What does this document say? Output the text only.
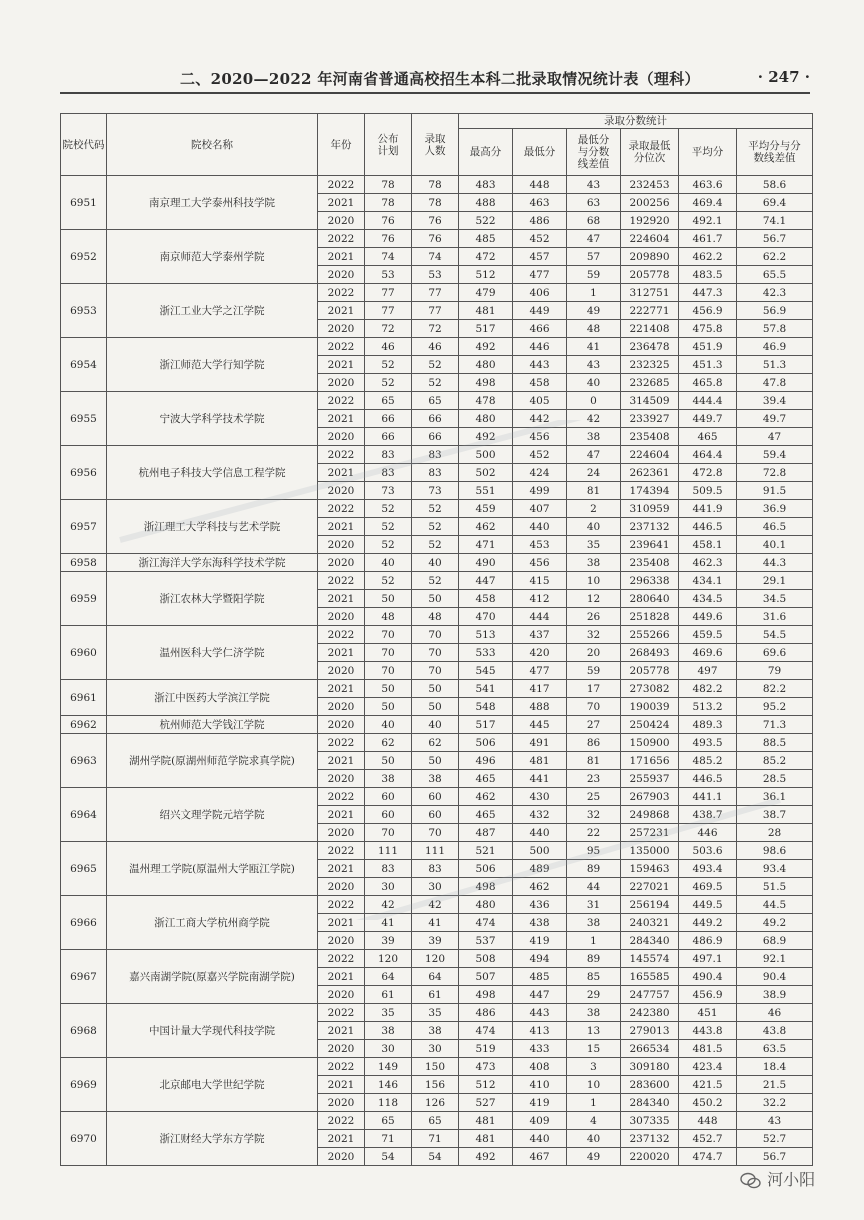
二、2020—2022 年河南省普通高校招生本科二批录取情况统计表（理科）	· 247 ·
院校代码	院校名称	年份	公布计划	录取人数	录取分数统计					
					最高分	最低分	最低分与分数线差值	录取最低分位次	平均分	平均分与分数线差值
6951	南京理工大学泰州科技学院	2022	78	78	483	448	43	232453	463.6	58.6
		2021	78	78	488	463	63	200256	469.4	69.4
		2020	76	76	522	486	68	192920	492.1	74.1
6952	南京师范大学泰州学院	2022	76	76	485	452	47	224604	461.7	56.7
		2021	74	74	472	457	57	209890	462.2	62.2
		2020	53	53	512	477	59	205778	483.5	65.5
6953	浙江工业大学之江学院	2022	77	77	479	406	1	312751	447.3	42.3
		2021	77	77	481	449	49	222771	456.9	56.9
		2020	72	72	517	466	48	221408	475.8	57.8
6954	浙江师范大学行知学院	2022	46	46	492	446	41	236478	451.9	46.9
		2021	52	52	480	443	43	232325	451.3	51.3
		2020	52	52	498	458	40	232685	465.8	47.8
6955	宁波大学科学技术学院	2022	65	65	478	405	0	314509	444.4	39.4
		2021	66	66	480	442	42	233927	449.7	49.7
		2020	66	66	492	456	38	235408	465	47
6956	杭州电子科技大学信息工程学院	2022	83	83	500	452	47	224604	464.4	59.4
		2021	83	83	502	424	24	262361	472.8	72.8
		2020	73	73	551	499	81	174394	509.5	91.5
6957	浙江理工大学科技与艺术学院	2022	52	52	459	407	2	310959	441.9	36.9
		2021	52	52	462	440	40	237132	446.5	46.5
		2020	52	52	471	453	35	239641	458.1	40.1
6958	浙江海洋大学东海科学技术学院	2020	40	40	490	456	38	235408	462.3	44.3
6959	浙江农林大学暨阳学院	2022	52	52	447	415	10	296338	434.1	29.1
		2021	50	50	458	412	12	280640	434.5	34.5
		2020	48	48	470	444	26	251828	449.6	31.6
6960	温州医科大学仁济学院	2022	70	70	513	437	32	255266	459.5	54.5
		2021	70	70	533	420	20	268493	469.6	69.6
		2020	70	70	545	477	59	205778	497	79
6961	浙江中医药大学滨江学院	2021	50	50	541	417	17	273082	482.2	82.2
		2020	50	50	548	488	70	190039	513.2	95.2
6962	杭州师范大学钱江学院	2020	40	40	517	445	27	250424	489.3	71.3
6963	湖州学院(原湖州师范学院求真学院)	2022	62	62	506	491	86	150900	493.5	88.5
		2021	50	50	496	481	81	171656	485.2	85.2
		2020	38	38	465	441	23	255937	446.5	28.5
6964	绍兴文理学院元培学院	2022	60	60	462	430	25	267903	441.1	36.1
		2021	60	60	465	432	32	249868	438.7	38.7
		2020	70	70	487	440	22	257231	446	28
6965	温州理工学院(原温州大学瓯江学院)	2022	111	111	521	500	95	135000	503.6	98.6
		2021	83	83	506	489	89	159463	493.4	93.4
		2020	30	30	498	462	44	227021	469.5	51.5
6966	浙江工商大学杭州商学院	2022	42	42	480	436	31	256194	449.5	44.5
		2021	41	41	474	438	38	240321	449.2	49.2
		2020	39	39	537	419	1	284340	486.9	68.9
6967	嘉兴南湖学院(原嘉兴学院南湖学院)	2022	120	120	508	494	89	145574	497.1	92.1
		2021	64	64	507	485	85	165585	490.4	90.4
		2020	61	61	498	447	29	247757	456.9	38.9
6968	中国计量大学现代科技学院	2022	35	35	486	443	38	242380	451	46
		2021	38	38	474	413	13	279013	443.8	43.8
		2020	30	30	519	433	15	266534	481.5	63.5
6969	北京邮电大学世纪学院	2022	149	150	473	408	3	309180	423.4	18.4
		2021	146	156	512	410	10	283600	421.5	21.5
		2020	118	126	527	419	1	284340	450.2	32.2
6970	浙江财经大学东方学院	2022	65	65	481	409	4	307335	448	43
		2021	71	71	481	440	40	237132	452.7	52.7
		2020	54	54	492	467	49	220020	474.7	56.7
河小阳
